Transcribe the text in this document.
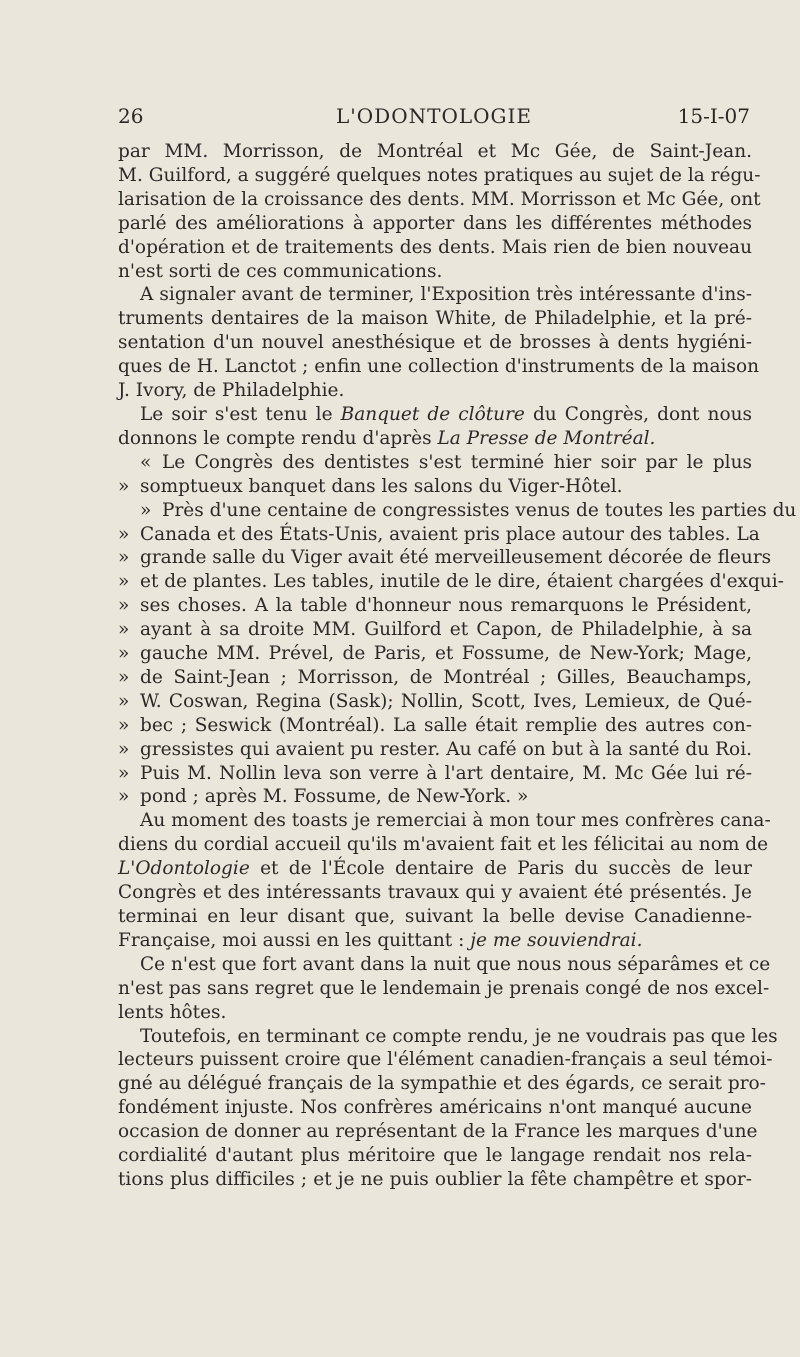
26	L'ODONTOLOGIE	15-I-07
par MM. Morrisson, de Montréal et Mc Gée, de Saint-Jean.
M. Guilford, a suggéré quelques notes pratiques au sujet de la régu-
larisation de la croissance des dents. MM. Morrisson et Mc Gée, ont
parlé des améliorations à apporter dans les différentes méthodes
d'opération et de traitements des dents. Mais rien de bien nouveau
n'est sorti de ces communications.
A signaler avant de terminer, l'Exposition très intéressante d'ins-
truments dentaires de la maison White, de Philadelphie, et la pré-
sentation d'un nouvel anesthésique et de brosses à dents hygiéni-
ques de H. Lanctot ; enfin une collection d'instruments de la maison
J. Ivory, de Philadelphie.
Le soir s'est tenu le Banquet de clôture du Congrès, dont nous
donnons le compte rendu d'après La Presse de Montréal.
« Le Congrès des dentistes s'est terminé hier soir par le plus
» somptueux banquet dans les salons du Viger-Hôtel.
» Près d'une centaine de congressistes venus de toutes les parties du
» Canada et des États-Unis, avaient pris place autour des tables. La
» grande salle du Viger avait été merveilleusement décorée de fleurs
» et de plantes. Les tables, inutile de le dire, étaient chargées d'exqui-
» ses choses. A la table d'honneur nous remarquons le Président,
» ayant à sa droite MM. Guilford et Capon, de Philadelphie, à sa
» gauche MM. Prével, de Paris, et Fossume, de New-York; Mage,
» de Saint-Jean ; Morrisson, de Montréal ; Gilles, Beauchamps,
» W. Coswan, Regina (Sask); Nollin, Scott, Ives, Lemieux, de Qué-
» bec ; Seswick (Montréal). La salle était remplie des autres con-
» gressistes qui avaient pu rester. Au café on but à la santé du Roi.
» Puis M. Nollin leva son verre à l'art dentaire, M. Mc Gée lui ré-
» pond ; après M. Fossume, de New-York. »
Au moment des toasts je remerciai à mon tour mes confrères cana-
diens du cordial accueil qu'ils m'avaient fait et les félicitai au nom de
L'Odontologie et de l'École dentaire de Paris du succès de leur
Congrès et des intéressants travaux qui y avaient été présentés. Je
terminai en leur disant que, suivant la belle devise Canadienne-
Française, moi aussi en les quittant : je me souviendrai.
Ce n'est que fort avant dans la nuit que nous nous séparâmes et ce
n'est pas sans regret que le lendemain je prenais congé de nos excel-
lents hôtes.
Toutefois, en terminant ce compte rendu, je ne voudrais pas que les
lecteurs puissent croire que l'élément canadien-français a seul témoi-
gné au délégué français de la sympathie et des égards, ce serait pro-
fondément injuste. Nos confrères américains n'ont manqué aucune
occasion de donner au représentant de la France les marques d'une
cordialité d'autant plus méritoire que le langage rendait nos rela-
tions plus difficiles ; et je ne puis oublier la fête champêtre et spor-
